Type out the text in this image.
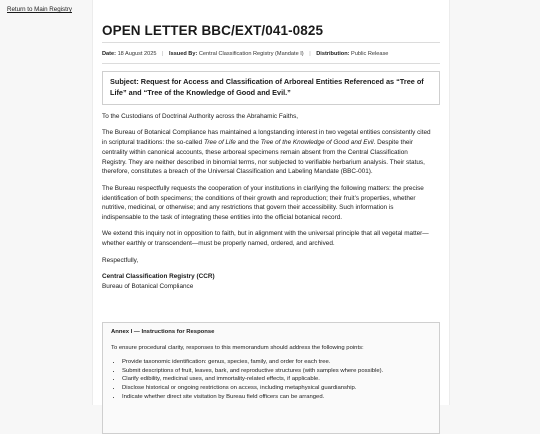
Return to Main Registry
OPEN LETTER BBC/EXT/041-0825
Date: 18 August 2025 | Issued By: Central Classification Registry (Mandate I) | Distribution: Public Release
Subject: Request for Access and Classification of Arboreal Entities Referenced as “Tree of Life” and “Tree of the Knowledge of Good and Evil.”

To the Custodians of Doctrinal Authority across the Abrahamic Faiths,

The Bureau of Botanical Compliance has maintained a longstanding interest in two vegetal entities consistently cited in scriptural traditions: the so-called Tree of Life and the Tree of the Knowledge of Good and Evil. Despite their centrality within canonical accounts, these arboreal specimens remain absent from the Central Classification Registry. They are neither described in binomial terms, nor subjected to verifiable herbarium analysis. Their status, therefore, constitutes a breach of the Universal Classification and Labeling Mandate (BBC-001).

The Bureau respectfully requests the cooperation of your institutions in clarifying the following matters: the precise identification of both specimens; the conditions of their growth and reproduction; their fruit’s properties, whether nutritive, medicinal, or otherwise; and any restrictions that govern their accessibility. Such information is indispensable to the task of integrating these entities into the official botanical record.

We extend this inquiry not in opposition to faith, but in alignment with the universal principle that all vegetal matter—whether earthly or transcendent—must be properly named, ordered, and archived.

Respectfully,

Central Classification Registry (CCR)
Bureau of Botanical Compliance
Annex I — Instructions for Response
To ensure procedural clarity, responses to this memorandum should address the following points:
• Provide taxonomic identification: genus, species, family, and order for each tree.
• Submit descriptions of fruit, leaves, bark, and reproductive structures (with samples where possible).
• Clarify edibility, medicinal uses, and immortality-related effects, if applicable.
• Disclose historical or ongoing restrictions on access, including metaphysical guardianship.
• Indicate whether direct site visitation by Bureau field officers can be arranged.
